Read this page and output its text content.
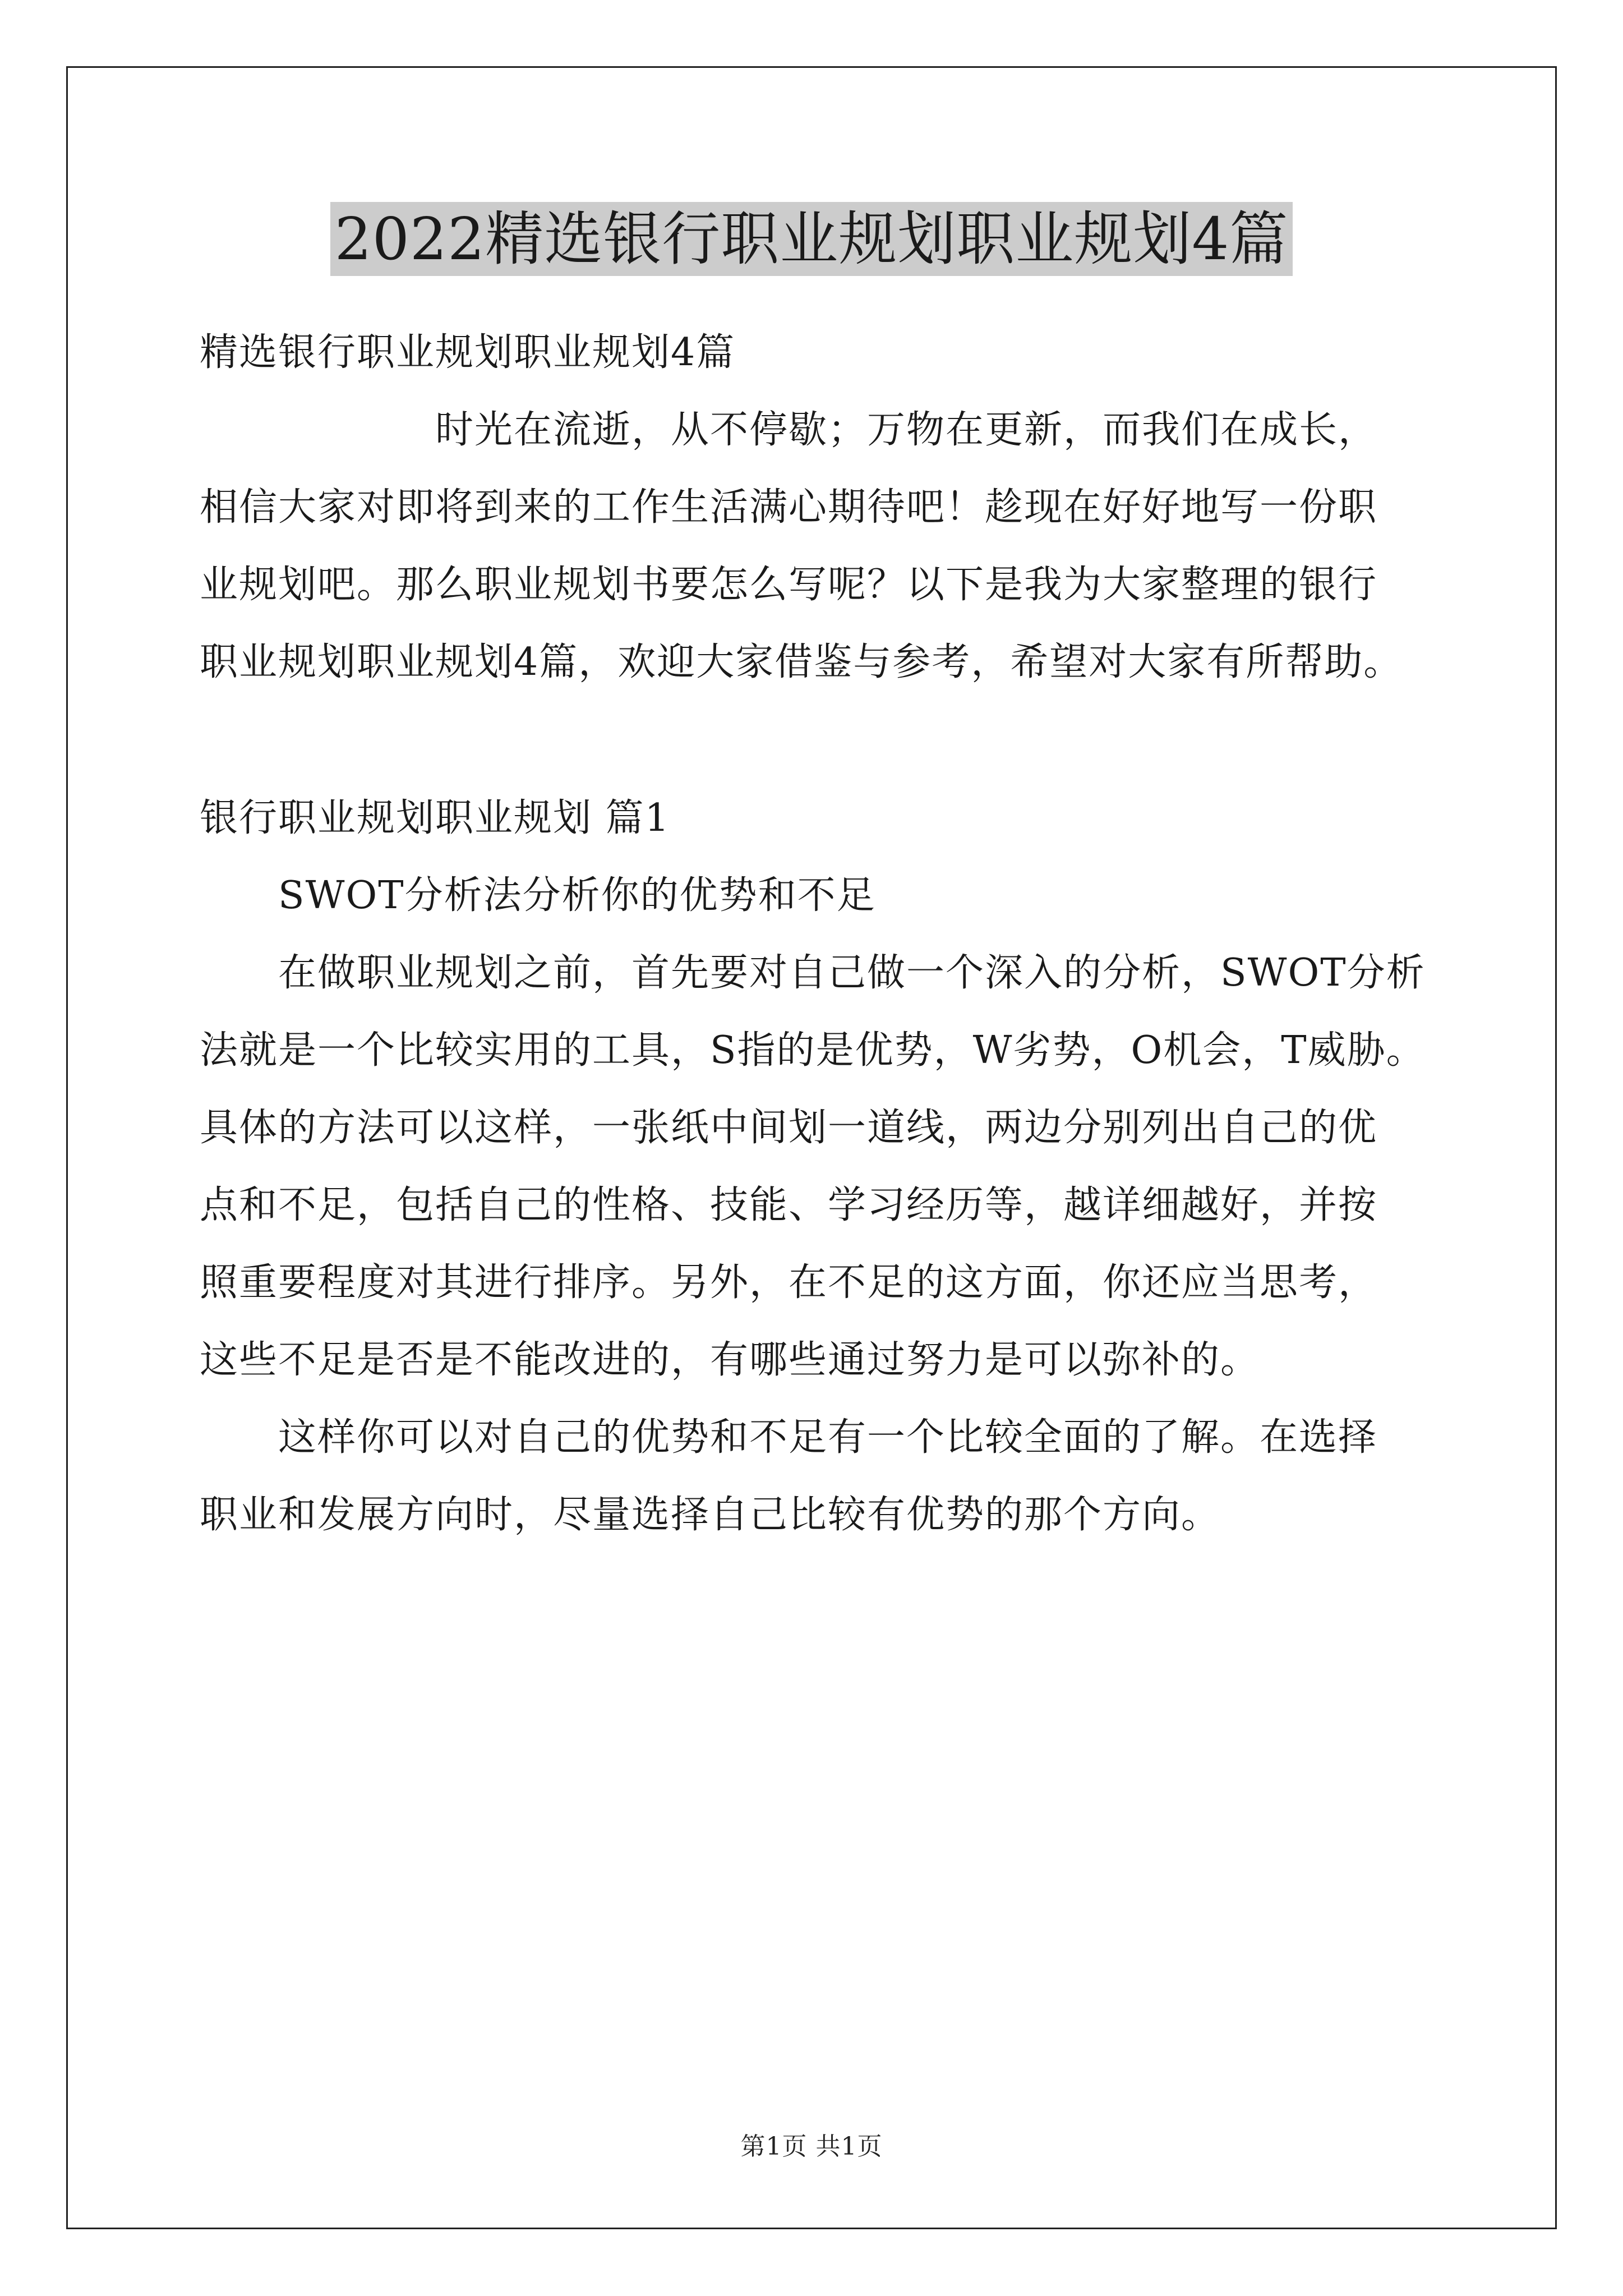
2022精选银行职业规划职业规划4篇
精选银行职业规划职业规划4篇
时光在流逝，从不停歇；万物在更新，而我们在成长，
相信大家对即将到来的工作生活满心期待吧！趁现在好好地写一份职
业规划吧。那么职业规划书要怎么写呢？以下是我为大家整理的银行
职业规划职业规划4篇，欢迎大家借鉴与参考，希望对大家有所帮助。
银行职业规划职业规划 篇1
SWOT分析法分析你的优势和不足
在做职业规划之前，首先要对自己做一个深入的分析，SWOT分析
法就是一个比较实用的工具，S指的是优势，W劣势，O机会，T威胁。
具体的方法可以这样，一张纸中间划一道线，两边分别列出自己的优
点和不足，包括自己的性格、技能、学习经历等，越详细越好，并按
照重要程度对其进行排序。另外，在不足的这方面，你还应当思考，
这些不足是否是不能改进的，有哪些通过努力是可以弥补的。
这样你可以对自己的优势和不足有一个比较全面的了解。在选择
职业和发展方向时，尽量选择自己比较有优势的那个方向。
第1页 共1页
